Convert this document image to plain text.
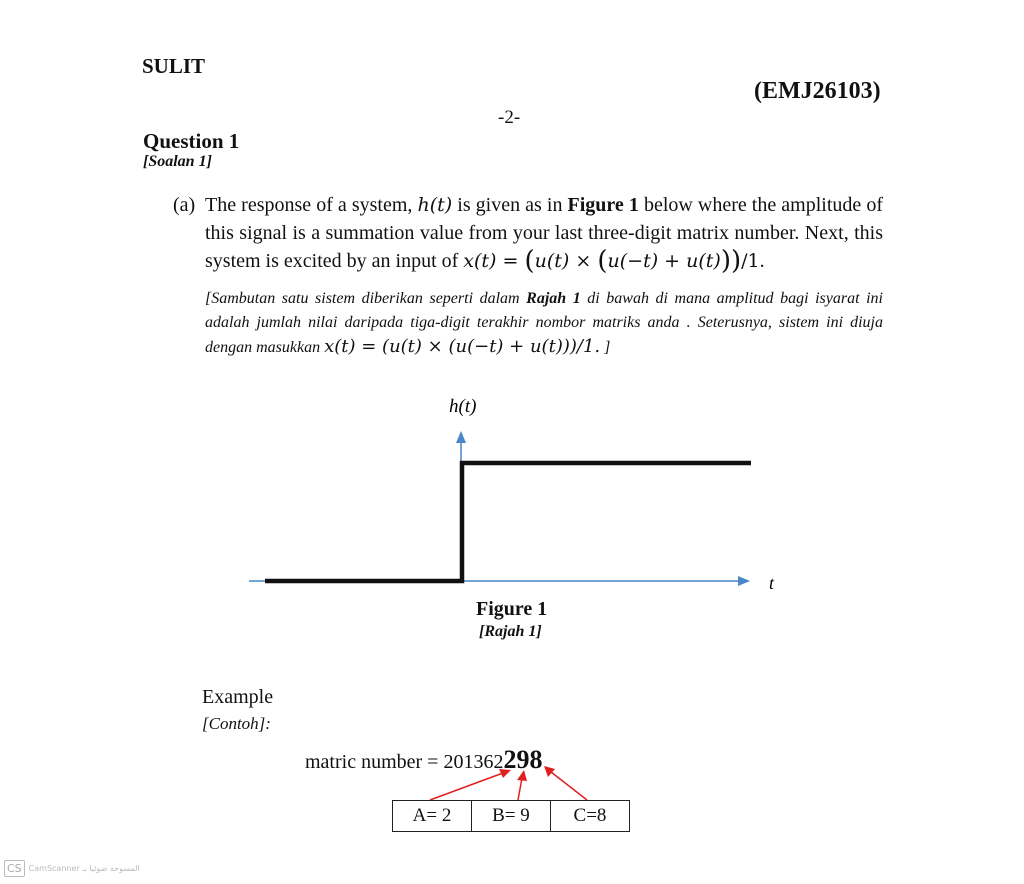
SULIT
(EMJ26103)
-2-
Question 1
[Soalan 1]
(a) The response of a system, h(t) is given as in Figure 1 below where the amplitude of this signal is a summation value from your last three-digit matrix number. Next, this system is excited by an input of x(t) = (u(t) × (u(−t) + u(t)))/1.
[Sambutan satu sistem diberikan seperti dalam Rajah 1 di bawah di mana amplitud bagi isyarat ini adalah jumlah nilai daripada tiga-digit terakhir nombor matriks anda . Seterusnya, sistem ini diuja dengan masukkan x(t) = (u(t) × (u(−t) + u(t)))/1. ]
h(t)
t
Figure 1
[Rajah 1]
Example
[Contoh]:
matric number = 201362298
A= 2	B= 9	C=8
CS CamScanner المسوحة ضوئيا بـ
